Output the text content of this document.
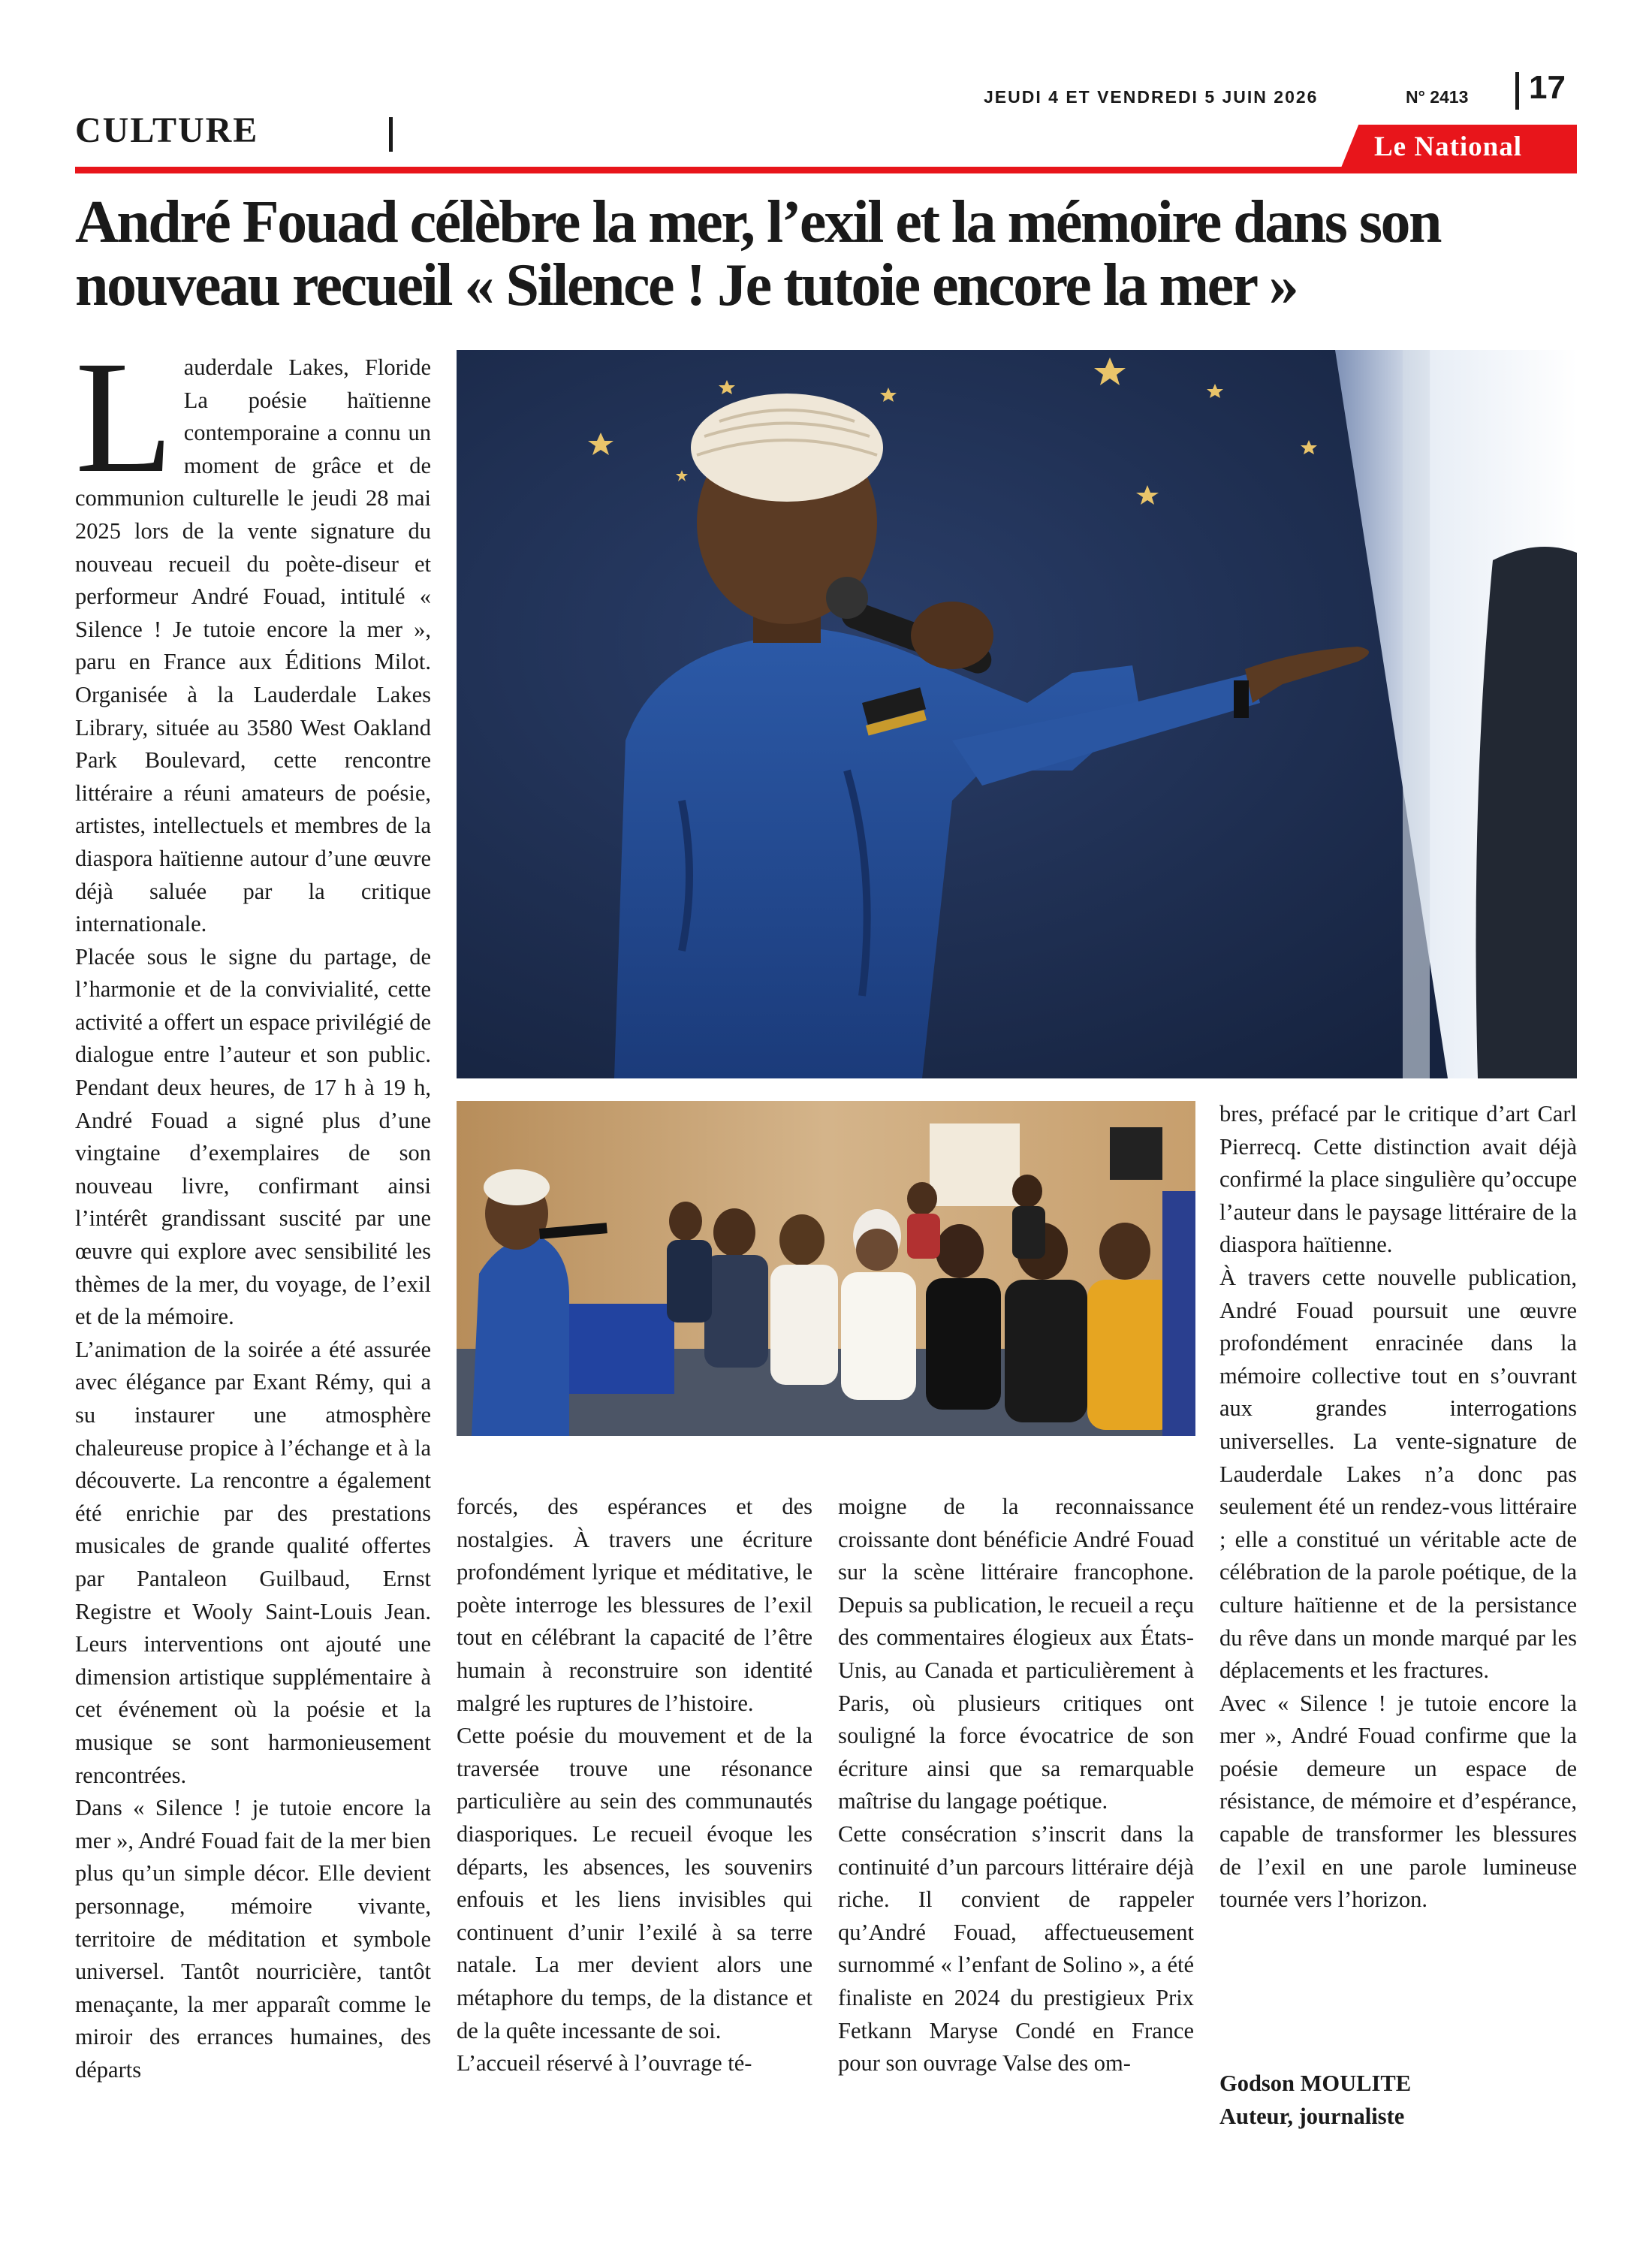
CULTURE
JEUDI 4 ET VENDREDI 5 JUIN 2026	N° 2413 17
Le National
André Fouad célèbre la mer, l’exil et la mémoire dans son nouveau recueil « Silence ! Je tutoie encore la mer »

Lauderdale Lakes, Floride La poésie haïtienne contemporaine a connu un moment de grâce et de communion culturelle le jeudi 28 mai 2025 lors de la vente signature du nouveau recueil du poète-diseur et performeur André Fouad, intitulé « Silence ! Je tutoie encore la mer », paru en France aux Éditions Milot. Organisée à la Lauderdale Lakes Library, située au 3580 West Oakland Park Boulevard, cette rencontre littéraire a réuni amateurs de poésie, artistes, intellectuels et membres de la diaspora haïtienne autour d’une œuvre déjà saluée par la critique internationale.

Placée sous le signe du partage, de l’harmonie et de la convivialité, cette activité a offert un espace privilégié de dialogue entre l’auteur et son public. Pendant deux heures, de 17 h à 19 h, André Fouad a signé plus d’une vingtaine d’exemplaires de son nouveau livre, confirmant ainsi l’intérêt grandissant suscité par une œuvre qui explore avec sensibilité les thèmes de la mer, du voyage, de l’exil et de la mémoire.

L’animation de la soirée a été assurée avec élégance par Exant Rémy, qui a su instaurer une atmosphère chaleureuse propice à l’échange et à la découverte. La rencontre a également été enrichie par des prestations musicales de grande qualité offertes par Pantaleon Guilbaud, Ernst Registre et Wooly Saint-Louis Jean. Leurs interventions ont ajouté une dimension artistique supplémentaire à cet événement où la poésie et la musique se sont harmonieusement rencontrées.

Dans « Silence ! je tutoie encore la mer », André Fouad fait de la mer bien plus qu’un simple décor. Elle devient personnage, mémoire vivante, territoire de méditation et symbole universel. Tantôt nourricière, tantôt menaçante, la mer apparaît comme le miroir des errances humaines, des départs

forcés, des espérances et des nostalgies. À travers une écriture profondément lyrique et méditative, le poète interroge les blessures de l’exil tout en célébrant la capacité de l’être humain à reconstruire son identité malgré les ruptures de l’histoire.

Cette poésie du mouvement et de la traversée trouve une résonance particulière au sein des communautés diasporiques. Le recueil évoque les départs, les absences, les souvenirs enfouis et les liens invisibles qui continuent d’unir l’exilé à sa terre natale. La mer devient alors une métaphore du temps, de la distance et de la quête incessante de soi.

L’accueil réservé à l’ouvrage té-

moigne de la reconnaissance croissante dont bénéficie André Fouad sur la scène littéraire francophone. Depuis sa publication, le recueil a reçu des commentaires élogieux aux États-Unis, au Canada et particulièrement à Paris, où plusieurs critiques ont souligné la force évocatrice de son écriture ainsi que sa remarquable maîtrise du langage poétique.

Cette consécration s’inscrit dans la continuité d’un parcours littéraire déjà riche. Il convient de rappeler qu’André Fouad, affectueusement surnommé « l’enfant de Solino », a été finaliste en 2024 du prestigieux Prix Fetkann Maryse Condé en France pour son ouvrage Valse des om-

bres, préfacé par le critique d’art Carl Pierrecq. Cette distinction avait déjà confirmé la place singulière qu’occupe l’auteur dans le paysage littéraire de la diaspora haïtienne.

À travers cette nouvelle publication, André Fouad poursuit une œuvre profondément enracinée dans la mémoire collective tout en s’ouvrant aux grandes interrogations universelles. La vente-signature de Lauderdale Lakes n’a donc pas seulement été un rendez-vous littéraire ; elle a constitué un véritable acte de célébration de la parole poétique, de la culture haïtienne et de la persistance du rêve dans un monde marqué par les déplacements et les fractures.

Avec « Silence ! je tutoie encore la mer », André Fouad confirme que la poésie demeure un espace de résistance, de mémoire et d’espérance, capable de transformer les blessures de l’exil en une parole lumineuse tournée vers l’horizon.

Godson MOULITE
Auteur, journaliste
